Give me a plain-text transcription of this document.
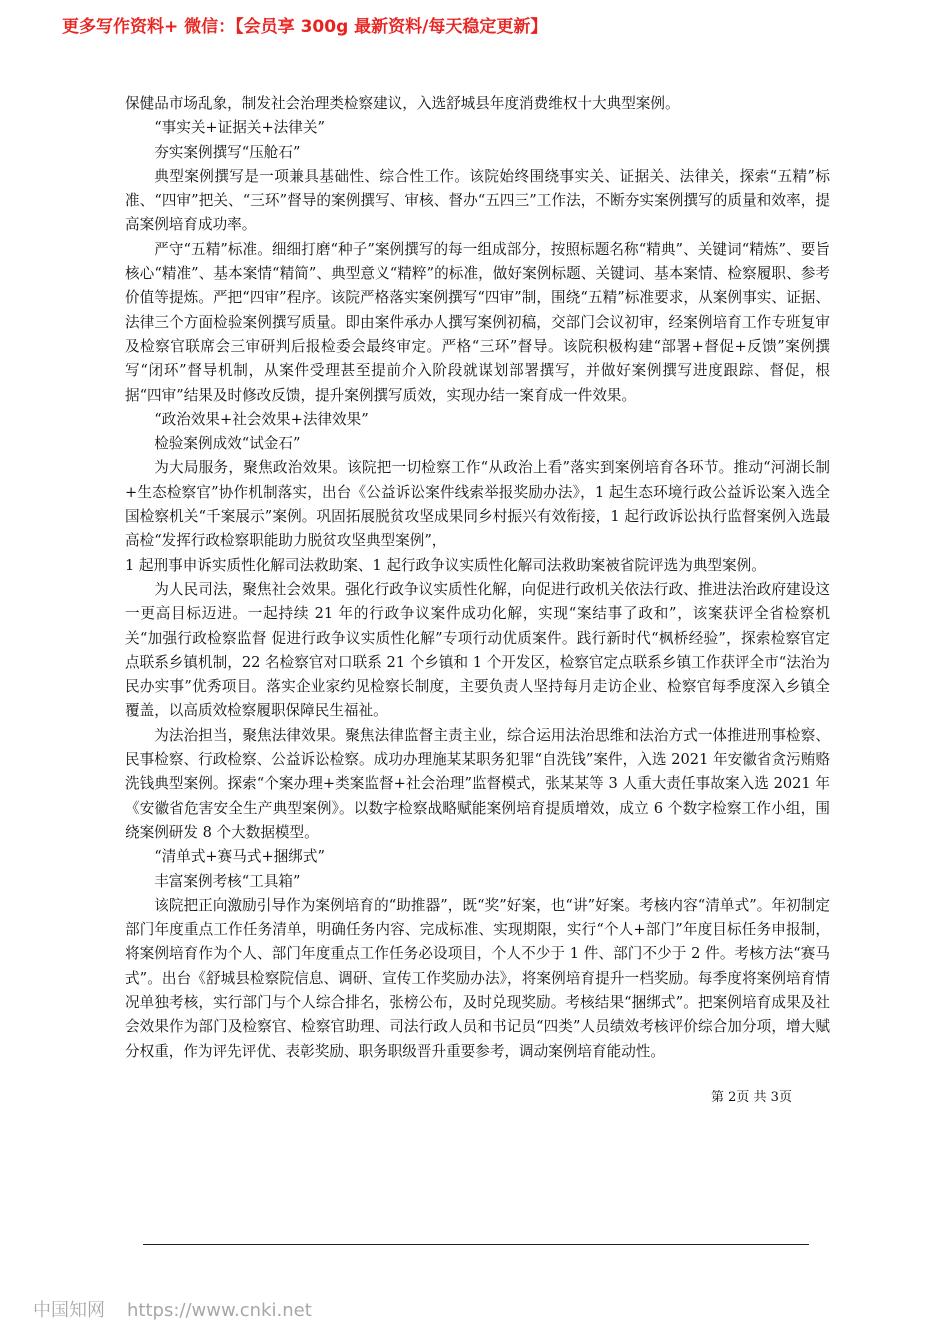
更多写作资料+ 微信：【会员享 300g 最新资料/每天稳定更新】

保健品市场乱象，制发社会治理类检察建议，入选舒城县年度消费维权十大典型案例。

“事实关+证据关+法律关”

夯实案例撰写“压舱石”

典型案例撰写是一项兼具基础性、综合性工作。该院始终围绕事实关、证据关、法律关，探索“五精”标准、“四审”把关、“三环”督导的案例撰写、审核、督办“五四三”工作法，不断夯实案例撰写的质量和效率，提高案例培育成功率。

严守“五精”标准。细细打磨“种子”案例撰写的每一组成部分，按照标题名称“精典”、关键词“精炼”、要旨核心“精准”、基本案情“精简”、典型意义“精粹”的标准，做好案例标题、关键词、基本案情、检察履职、参考价值等提炼。严把“四审”程序。该院严格落实案例撰写“四审”制，围绕“五精”标准要求，从案例事实、证据、法律三个方面检验案例撰写质量。即由案件承办人撰写案例初稿，交部门会议初审，经案例培育工作专班复审及检察官联席会三审研判后报检委会最终审定。严格“三环”督导。该院积极构建“部署+督促+反馈”案例撰写“闭环”督导机制，从案件受理甚至提前介入阶段就谋划部署撰写，并做好案例撰写进度跟踪、督促，根据“四审”结果及时修改反馈，提升案例撰写质效，实现办结一案育成一件效果。

“政治效果+社会效果+法律效果”

检验案例成效“试金石”

为大局服务，聚焦政治效果。该院把一切检察工作“从政治上看”落实到案例培育各环节。推动“河湖长制+生态检察官”协作机制落实，出台《公益诉讼案件线索举报奖励办法》，1 起生态环境行政公益诉讼案入选全国检察机关“千案展示”案例。巩固拓展脱贫攻坚成果同乡村振兴有效衔接，1 起行政诉讼执行监督案例入选最高检“发挥行政检察职能助力脱贫攻坚典型案例”，

1 起刑事申诉实质性化解司法救助案、1 起行政争议实质性化解司法救助案被省院评选为典型案例。

为人民司法，聚焦社会效果。强化行政争议实质性化解，向促进行政机关依法行政、推进法治政府建设这一更高目标迈进。一起持续 21 年的行政争议案件成功化解，实现“案结事了政和”，该案获评全省检察机关“加强行政检察监督 促进行政争议实质性化解”专项行动优质案件。践行新时代“枫桥经验”，探索检察官定点联系乡镇机制，22 名检察官对口联系 21 个乡镇和 1 个开发区，检察官定点联系乡镇工作获评全市“法治为民办实事”优秀项目。落实企业家约见检察长制度，主要负责人坚持每月走访企业、检察官每季度深入乡镇全覆盖，以高质效检察履职保障民生福祉。

为法治担当，聚焦法律效果。聚焦法律监督主责主业，综合运用法治思维和法治方式一体推进刑事检察、民事检察、行政检察、公益诉讼检察。成功办理施某某职务犯罪“自洗钱”案件，入选 2021 年安徽省贪污贿赂洗钱典型案例。探索“个案办理+类案监督+社会治理”监督模式，张某某等 3 人重大责任事故案入选 2021 年《安徽省危害安全生产典型案例》。以数字检察战略赋能案例培育提质增效，成立 6 个数字检察工作小组，围绕案例研发 8 个大数据模型。

“清单式+赛马式+捆绑式”

丰富案例考核“工具箱”

该院把正向激励引导作为案例培育的“助推器”，既“奖”好案，也“讲”好案。考核内容“清单式”。年初制定部门年度重点工作任务清单，明确任务内容、完成标准、实现期限，实行“个人+部门”年度目标任务申报制，将案例培育作为个人、部门年度重点工作任务必设项目，个人不少于 1 件、部门不少于 2 件。考核方法“赛马式”。出台《舒城县检察院信息、调研、宣传工作奖励办法》，将案例培育提升一档奖励。每季度将案例培育情况单独考核，实行部门与个人综合排名，张榜公布，及时兑现奖励。考核结果“捆绑式”。把案例培育成果及社会效果作为部门及检察官、检察官助理、司法行政人员和书记员“四类”人员绩效考核评价综合加分项，增大赋分权重，作为评先评优、表彰奖励、职务职级晋升重要参考，调动案例培育能动性。

第 2页 共 3页
中国知网 https://www.cnki.net
